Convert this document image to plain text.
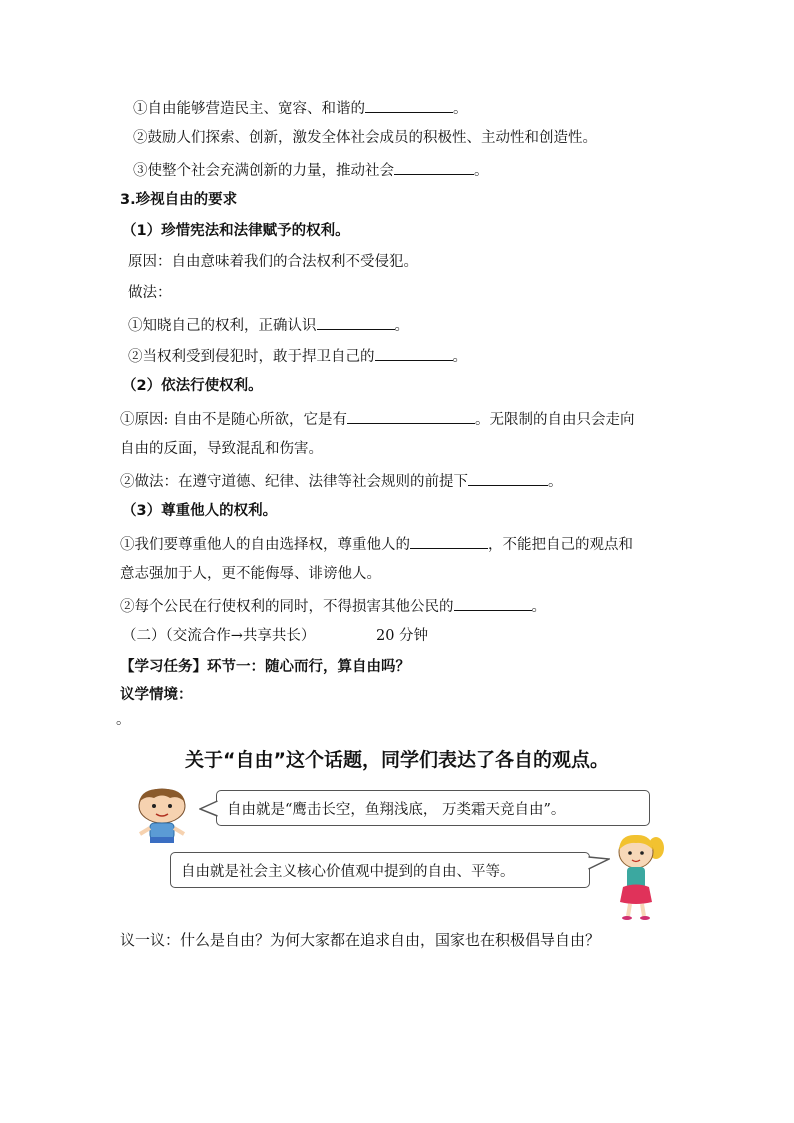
①自由能够营造民主、宽容、和谐的	。
②鼓励人们探索、创新，激发全体社会成员的积极性、主动性和创造性。
③使整个社会充满创新的力量，推动社会	。
3.珍视自由的要求
（1）珍惜宪法和法律赋予的权利。
原因：自由意味着我们的合法权利不受侵犯。
做法：
①知晓自己的权利，正确认识	。
②当权利受到侵犯时，敢于捍卫自己的	。
（2）依法行使权利。
①原因: 自由不是随心所欲，它是有	。无限制的自由只会走向
自由的反面，导致混乱和伤害。
②做法：在遵守道德、纪律、法律等社会规则的前提下	。
（3）尊重他人的权利。
①我们要尊重他人的自由选择权，尊重他人的	，不能把自己的观点和
意志强加于人，更不能侮辱、诽谤他人。
②每个公民在行使权利的同时，不得损害其他公民的	。
（二）（交流合作→共享共长）	20 分钟
【学习任务】环节一：随心而行，算自由吗？
议学情境：
。
关于“自由”这个话题，同学们表达了各自的观点。
自由就是“鹰击长空，鱼翔浅底， 万类霜天竞自由”。
自由就是社会主义核心价值观中提到的自由、平等。
议一议：什么是自由？为何大家都在追求自由，国家也在积极倡导自由？
